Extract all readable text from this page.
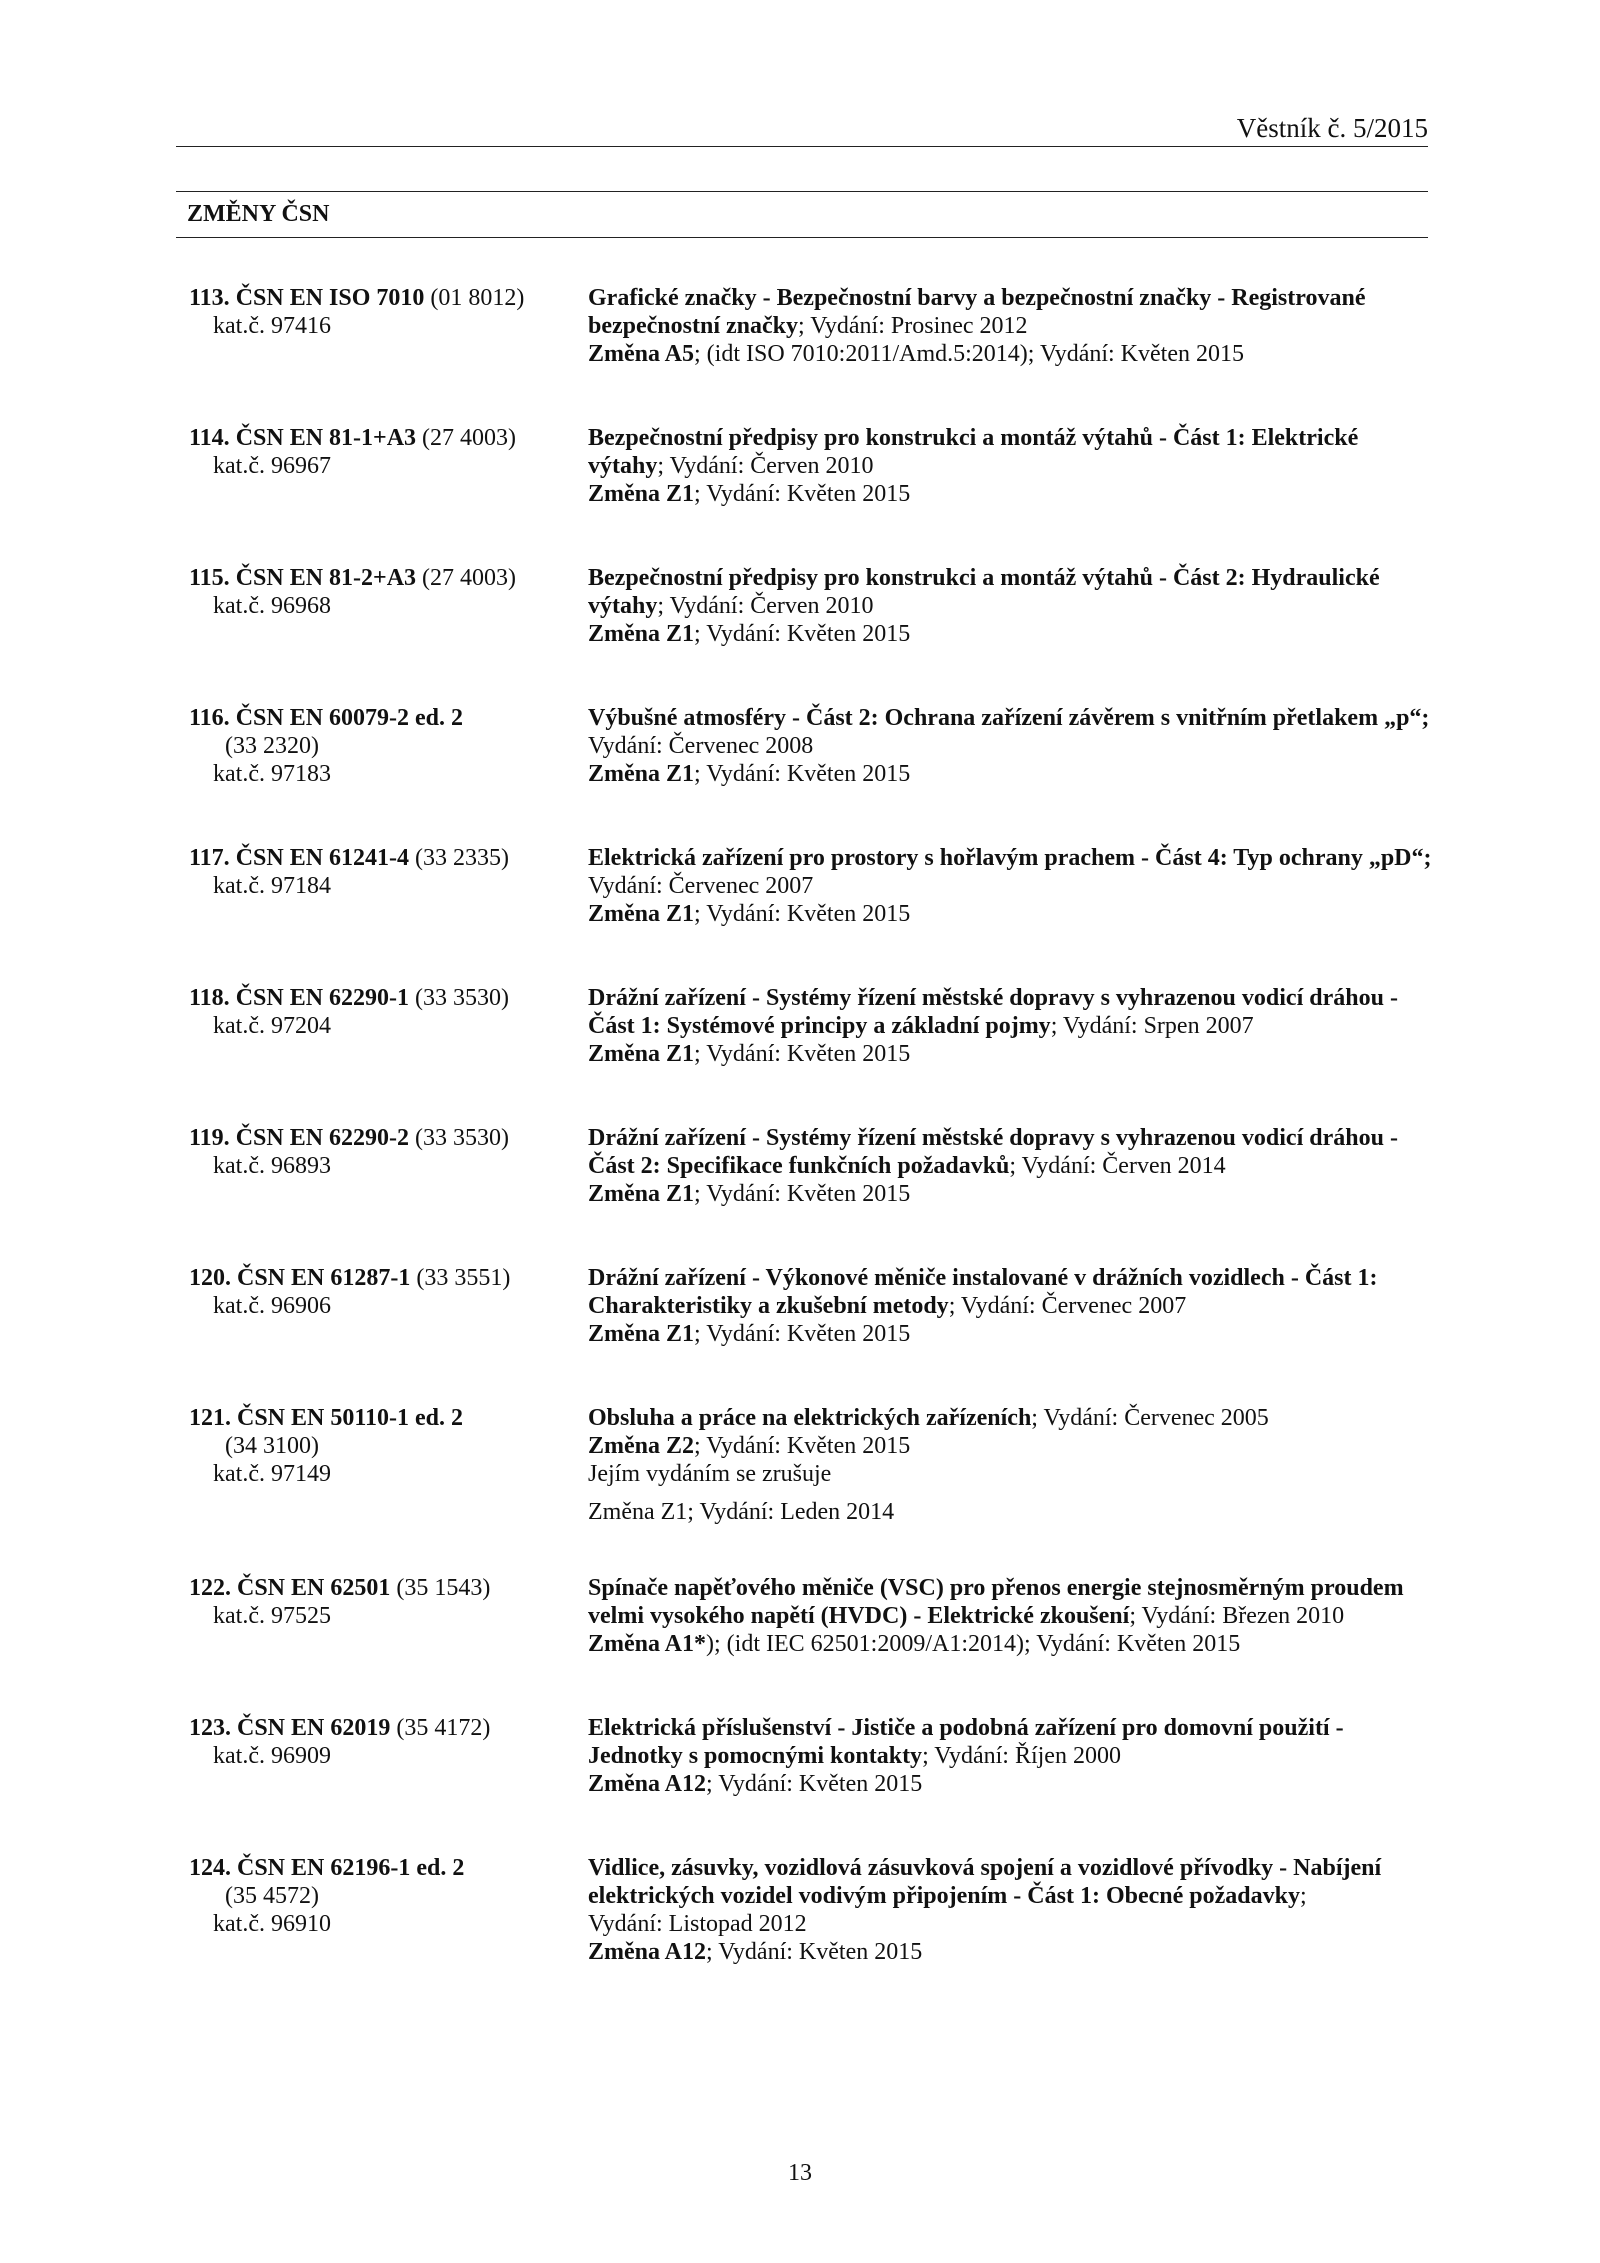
Věstník č. 5/2015
ZMĚNY ČSN
113. ČSN EN ISO 7010 (01 8012)
kat.č. 97416
Grafické značky - Bezpečnostní barvy a bezpečnostní značky - Registrované
bezpečnostní značky; Vydání: Prosinec 2012
Změna A5; (idt ISO 7010:2011/Amd.5:2014); Vydání: Květen 2015
114. ČSN EN 81-1+A3 (27 4003)
kat.č. 96967
Bezpečnostní předpisy pro konstrukci a montáž výtahů - Část 1: Elektrické
výtahy; Vydání: Červen 2010
Změna Z1; Vydání: Květen 2015
115. ČSN EN 81-2+A3 (27 4003)
kat.č. 96968
Bezpečnostní předpisy pro konstrukci a montáž výtahů - Část 2: Hydraulické
výtahy; Vydání: Červen 2010
Změna Z1; Vydání: Květen 2015
116. ČSN EN 60079-2 ed. 2
(33 2320)
kat.č. 97183
Výbušné atmosféry - Část 2: Ochrana zařízení závěrem s vnitřním přetlakem „p“;
Vydání: Červenec 2008
Změna Z1; Vydání: Květen 2015
117. ČSN EN 61241-4 (33 2335)
kat.č. 97184
Elektrická zařízení pro prostory s hořlavým prachem - Část 4: Typ ochrany „pD“;
Vydání: Červenec 2007
Změna Z1; Vydání: Květen 2015
118. ČSN EN 62290-1 (33 3530)
kat.č. 97204
Drážní zařízení - Systémy řízení městské dopravy s vyhrazenou vodicí dráhou -
Část 1: Systémové principy a základní pojmy; Vydání: Srpen 2007
Změna Z1; Vydání: Květen 2015
119. ČSN EN 62290-2 (33 3530)
kat.č. 96893
Drážní zařízení - Systémy řízení městské dopravy s vyhrazenou vodicí dráhou -
Část 2: Specifikace funkčních požadavků; Vydání: Červen 2014
Změna Z1; Vydání: Květen 2015
120. ČSN EN 61287-1 (33 3551)
kat.č. 96906
Drážní zařízení - Výkonové měniče instalované v drážních vozidlech - Část 1:
Charakteristiky a zkušební metody; Vydání: Červenec 2007
Změna Z1; Vydání: Květen 2015
121. ČSN EN 50110-1 ed. 2
(34 3100)
kat.č. 97149
Obsluha a práce na elektrických zařízeních; Vydání: Červenec 2005
Změna Z2; Vydání: Květen 2015
Jejím vydáním se zrušuje
Změna Z1; Vydání: Leden 2014
122. ČSN EN 62501 (35 1543)
kat.č. 97525
Spínače napěťového měniče (VSC) pro přenos energie stejnosměrným proudem
velmi vysokého napětí (HVDC) - Elektrické zkoušení; Vydání: Březen 2010
Změna A1*); (idt IEC 62501:2009/A1:2014); Vydání: Květen 2015
123. ČSN EN 62019 (35 4172)
kat.č. 96909
Elektrická příslušenství - Jističe a podobná zařízení pro domovní použití -
Jednotky s pomocnými kontakty; Vydání: Říjen 2000
Změna A12; Vydání: Květen 2015
124. ČSN EN 62196-1 ed. 2
(35 4572)
kat.č. 96910
Vidlice, zásuvky, vozidlová zásuvková spojení a vozidlové přívodky - Nabíjení
elektrických vozidel vodivým připojením - Část 1: Obecné požadavky;
Vydání: Listopad 2012
Změna A12; Vydání: Květen 2015
13
